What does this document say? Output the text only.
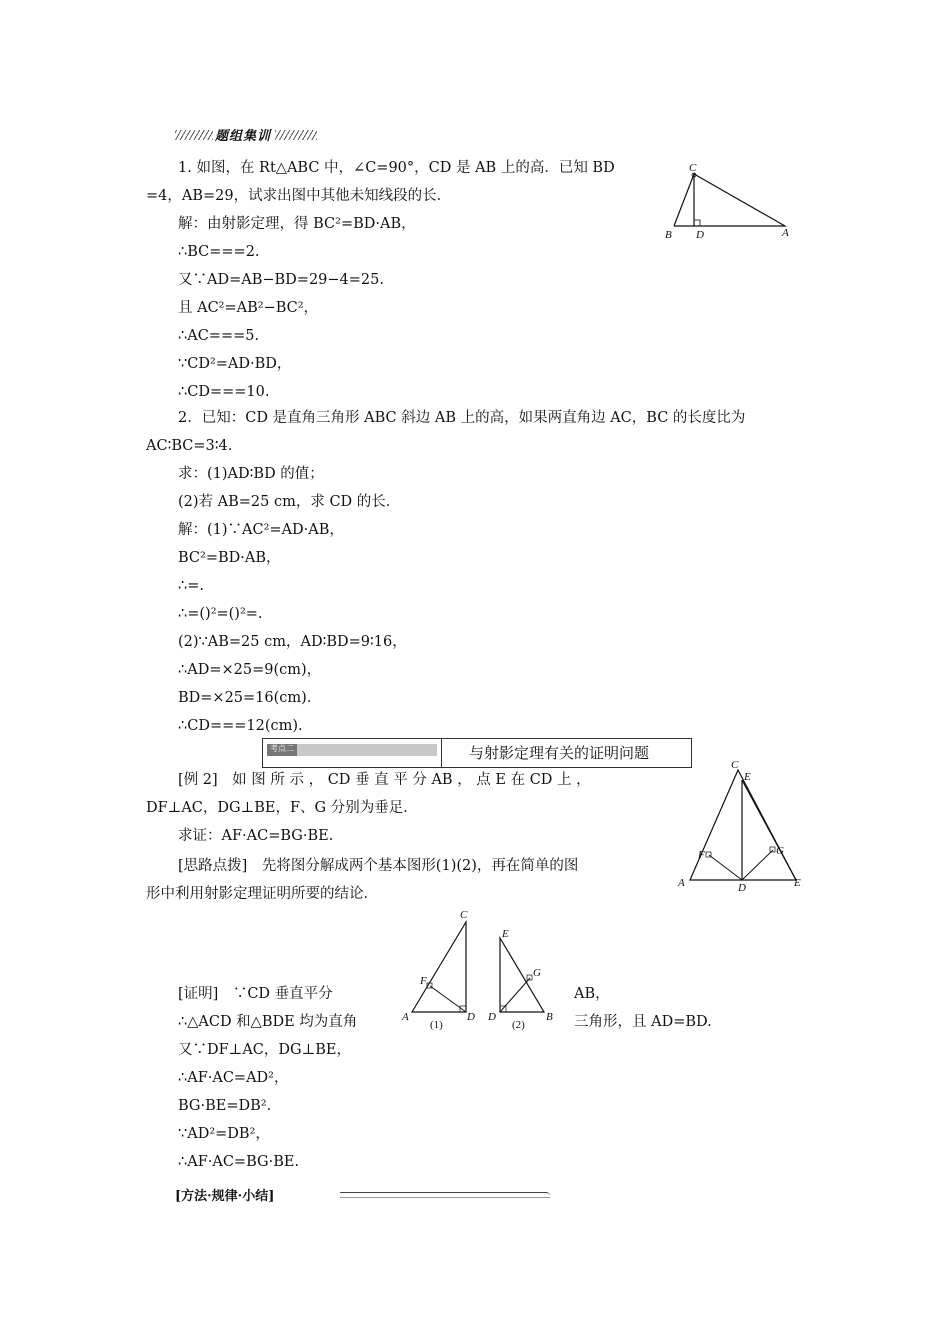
题组集训
1. 如图，在 Rt△ABC 中，∠C=90°，CD 是 AB 上的高．已知 BD
=4，AB=29，试求出图中其他未知线段的长．
解：由射影定理，得 BC²=BD·AB，
∴BC===2.
又∵AD=AB−BD=29−4=25.
且 AC²=AB²−BC²，
∴AC===5.
∵CD²=AD·BD，
∴CD===10.
C
B D	A
2．已知：CD 是直角三角形 ABC 斜边 AB 上的高，如果两直角边 AC，BC 的长度比为
AC∶BC=3∶4.
求：(1)AD∶BD 的值；
(2)若 AB=25 cm，求 CD 的长．
解：(1)∵AC²=AD·AB，
BC²=BD·AB，
∴=.
∴=()²=()²=.
(2)∵AB=25 cm，AD∶BD=9∶16，
∴AD=×25=9(cm)，
BD=×25=16(cm)．
∴CD===12(cm).
考点二	与射影定理有关的证明问题
[例 2]　如 图 所 示 ， CD 垂 直 平 分 AB ， 点 E 在 CD 上 ，
DF⊥AC，DG⊥BE，F、G 分别为垂足．
求证：AF·AC=BG·BE.
[思路点拨]　先将图分解成两个基本图形(1)(2)，再在简单的图
形中利用射影定理证明所要的结论．
C
E
F	G
A	D	E
C
F
A	D
(1)
E
G
D	B
(2)
[证明]　∵CD 垂直平分	AB，
∴△ACD 和△BDE 均为直角	三角形，且 AD=BD.
又∵DF⊥AC，DG⊥BE，
∴AF·AC=AD²，
BG·BE=DB².
∵AD²=DB²，
∴AF·AC=BG·BE.
[方法·规律·小结]
